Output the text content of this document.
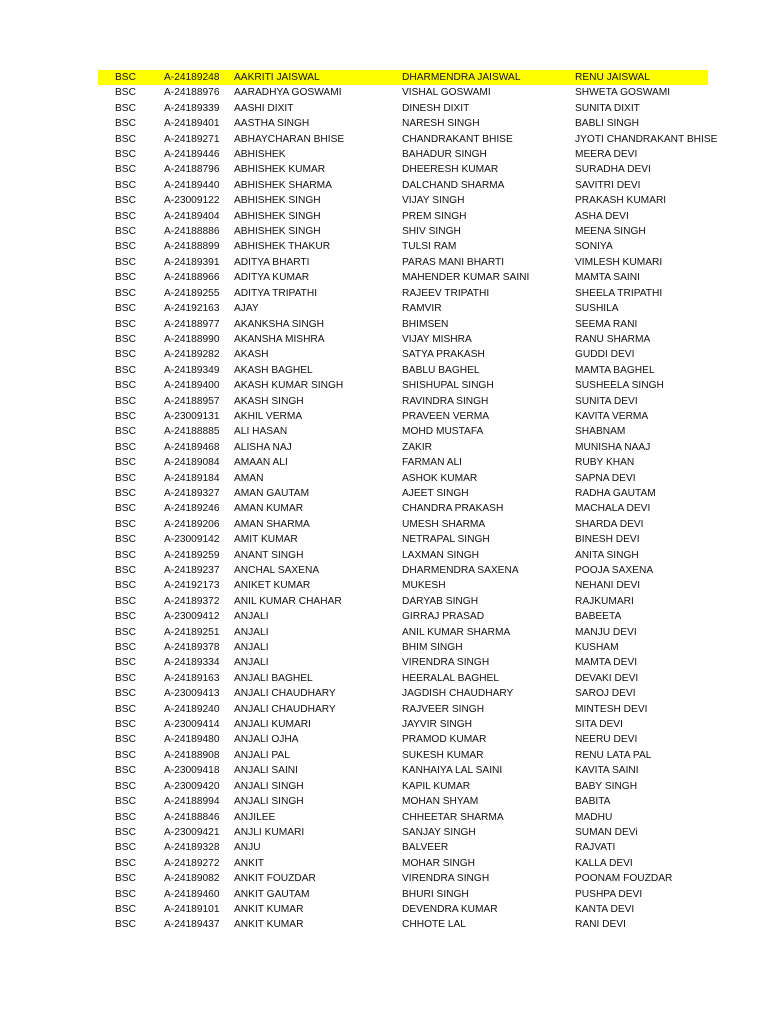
BSC	A-24189248 AAKRITI JAISWAL	DHARMENDRA JAISWAL	RENU JAISWAL
BSC	A-24188976 AARADHYA GOSWAMI	VISHAL GOSWAMI	SHWETA GOSWAMI
BSC	A-24189339 AASHI DIXIT	DINESH DIXIT	SUNITA DIXIT
BSC	A-24189401 AASTHA SINGH	NARESH SINGH	BABLI SINGH
BSC	A-24189271 ABHAYCHARAN BHISE	CHANDRAKANT BHISE	JYOTI CHANDRAKANT BHISE
BSC	A-24189446 ABHISHEK	BAHADUR SINGH	MEERA DEVI
BSC	A-24188796 ABHISHEK KUMAR	DHEERESH KUMAR	SURADHA DEVI
BSC	A-24189440 ABHISHEK SHARMA	DALCHAND SHARMA	SAVITRI DEVI
BSC	A-23009122 ABHISHEK SINGH	VIJAY SINGH	PRAKASH KUMARI
BSC	A-24189404 ABHISHEK SINGH	PREM SINGH	ASHA DEVI
BSC	A-24188886 ABHISHEK SINGH	SHIV SINGH	MEENA SINGH
BSC	A-24188899 ABHISHEK THAKUR	TULSI RAM	SONIYA
BSC	A-24189391 ADITYA BHARTI	PARAS MANI BHARTI	VIMLESH KUMARI
BSC	A-24188966 ADITYA KUMAR	MAHENDER KUMAR SAINI	MAMTA SAINI
BSC	A-24189255 ADITYA TRIPATHI	RAJEEV TRIPATHI	SHEELA TRIPATHI
BSC	A-24192163 AJAY	RAMVIR	SUSHILA
BSC	A-24188977 AKANKSHA SINGH	BHIMSEN	SEEMA RANI
BSC	A-24188990 AKANSHA MISHRA	VIJAY MISHRA	RANU SHARMA
BSC	A-24189282 AKASH	SATYA PRAKASH	GUDDI DEVI
BSC	A-24189349 AKASH BAGHEL	BABLU BAGHEL	MAMTA BAGHEL
BSC	A-24189400 AKASH KUMAR SINGH	SHISHUPAL SINGH	SUSHEELA SINGH
BSC	A-24188957 AKASH SINGH	RAVINDRA SINGH	SUNITA DEVI
BSC	A-23009131 AKHIL VERMA	PRAVEEN VERMA	KAVITA VERMA
BSC	A-24188885 ALI HASAN	MOHD MUSTAFA	SHABNAM
BSC	A-24189468 ALISHA NAJ	ZAKIR	MUNISHA NAAJ
BSC	A-24189084 AMAAN ALI	FARMAN ALI	RUBY KHAN
BSC	A-24189184 AMAN	ASHOK KUMAR	SAPNA DEVI
BSC	A-24189327 AMAN GAUTAM	AJEET SINGH	RADHA GAUTAM
BSC	A-24189246 AMAN KUMAR	CHANDRA PRAKASH	MACHALA DEVI
BSC	A-24189206 AMAN SHARMA	UMESH SHARMA	SHARDA DEVI
BSC	A-23009142 AMIT KUMAR	NETRAPAL SINGH	BINESH DEVI
BSC	A-24189259 ANANT SINGH	LAXMAN SINGH	ANITA SINGH
BSC	A-24189237 ANCHAL SAXENA	DHARMENDRA SAXENA	POOJA SAXENA
BSC	A-24192173 ANIKET KUMAR	MUKESH	NEHANI DEVI
BSC	A-24189372 ANIL KUMAR CHAHAR	DARYAB SINGH	RAJKUMARI
BSC	A-23009412 ANJALI	GIRRAJ PRASAD	BABEETA
BSC	A-24189251 ANJALI	ANIL KUMAR SHARMA	MANJU DEVI
BSC	A-24189378 ANJALI	BHIM SINGH	KUSHAM
BSC	A-24189334 ANJALI	VIRENDRA SINGH	MAMTA DEVI
BSC	A-24189163 ANJALI BAGHEL	HEERALAL BAGHEL	DEVAKI DEVI
BSC	A-23009413 ANJALI CHAUDHARY	JAGDISH CHAUDHARY	SAROJ DEVI
BSC	A-24189240 ANJALI CHAUDHARY	RAJVEER SINGH	MINTESH DEVI
BSC	A-23009414 ANJALI KUMARI	JAYVIR SINGH	SITA DEVI
BSC	A-24189480 ANJALI OJHA	PRAMOD KUMAR	NEERU DEVI
BSC	A-24188908 ANJALI PAL	SUKESH KUMAR	RENU LATA PAL
BSC	A-23009418 ANJALI SAINI	KANHAIYA LAL SAINI	KAVITA SAINI
BSC	A-23009420 ANJALI SINGH	KAPIL KUMAR	BABY SINGH
BSC	A-24188994 ANJALI SINGH	MOHAN SHYAM	BABITA
BSC	A-24188846 ANJILEE	CHHEETAR SHARMA	MADHU
BSC	A-23009421 ANJLI KUMARI	SANJAY SINGH	SUMAN DEVi
BSC	A-24189328 ANJU	BALVEER	RAJVATI
BSC	A-24189272 ANKIT	MOHAR SINGH	KALLA DEVI
BSC	A-24189082 ANKIT FOUZDAR	VIRENDRA SINGH	POONAM FOUZDAR
BSC	A-24189460 ANKIT GAUTAM	BHURI SINGH	PUSHPA DEVI
BSC	A-24189101 ANKIT KUMAR	DEVENDRA KUMAR	KANTA DEVI
BSC	A-24189437 ANKIT KUMAR	CHHOTE LAL	RANI DEVI
